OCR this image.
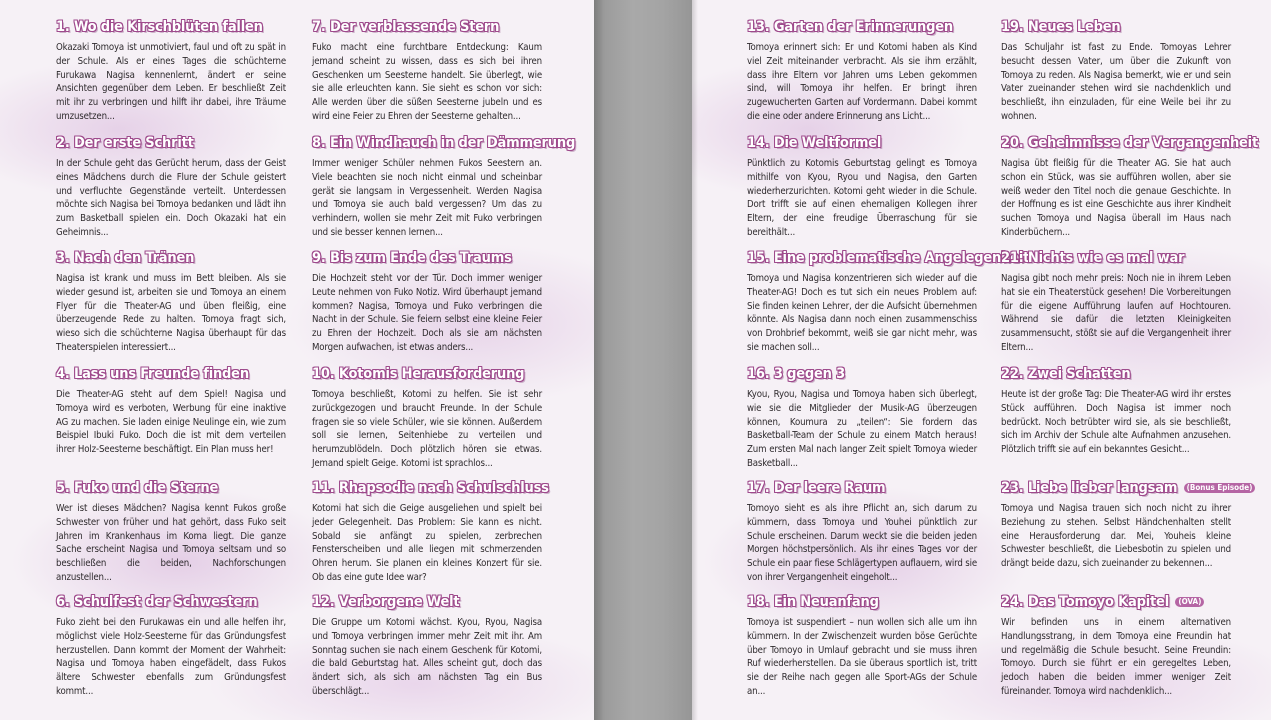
1. Wo die Kirschblüten fallen

Okazaki Tomoya ist unmotiviert, faul und oft zu spät in der Schule. Als er eines Tages die schüchterne Furukawa Nagisa kennenlernt, ändert er seine Ansichten gegenüber dem Leben. Er beschließt Zeit mit ihr zu verbringen und hilft ihr dabei, ihre Träume umzusetzen...

2. Der erste Schritt

In der Schule geht das Gerücht herum, dass der Geist eines Mädchens durch die Flure der Schule geistert und verfluchte Gegenstände verteilt. Unterdessen möchte sich Nagisa bei Tomoya bedanken und lädt ihn zum Basketball spielen ein. Doch Okazaki hat ein Geheimnis...

3. Nach den Tränen

Nagisa ist krank und muss im Bett bleiben. Als sie wieder gesund ist, arbeiten sie und Tomoya an einem Flyer für die Theater-AG und üben fleißig, eine überzeugende Rede zu halten. Tomoya fragt sich, wieso sich die schüchterne Nagisa überhaupt für das Theaterspielen interessiert...

4. Lass uns Freunde finden

Die Theater-AG steht auf dem Spiel! Nagisa und Tomoya wird es verboten, Werbung für eine inaktive AG zu machen. Sie laden einige Neulinge ein, wie zum Beispiel Ibuki Fuko. Doch die ist mit dem verteilen ihrer Holz-Seesterne beschäftigt. Ein Plan muss her!

5. Fuko und die Sterne

Wer ist dieses Mädchen? Nagisa kennt Fukos große Schwester von früher und hat gehört, dass Fuko seit Jahren im Krankenhaus im Koma liegt. Die ganze Sache erscheint Nagisa und Tomoya seltsam und so beschließen die beiden, Nachforschungen anzustellen...

6. Schulfest der Schwestern

Fuko zieht bei den Furukawas ein und alle helfen ihr, möglichst viele Holz-Seesterne für das Gründungsfest herzustellen. Dann kommt der Moment der Wahrheit: Nagisa und Tomoya haben eingefädelt, dass Fukos ältere Schwester ebenfalls zum Gründungsfest kommt...

7. Der verblassende Stern

Fuko macht eine furchtbare Entdeckung: Kaum jemand scheint zu wissen, dass es sich bei ihren Geschenken um Seesterne handelt. Sie überlegt, wie sie alle erleuchten kann. Sie sieht es schon vor sich: Alle werden über die süßen Seesterne jubeln und es wird eine Feier zu Ehren der Seesterne gehalten...

8. Ein Windhauch in der Dämmerung

Immer weniger Schüler nehmen Fukos Seestern an. Viele beachten sie noch nicht einmal und scheinbar gerät sie langsam in Vergessenheit. Werden Nagisa und Tomoya sie auch bald vergessen? Um das zu verhindern, wollen sie mehr Zeit mit Fuko verbringen und sie besser kennen lernen...

9. Bis zum Ende des Traums

Die Hochzeit steht vor der Tür. Doch immer weniger Leute nehmen von Fuko Notiz. Wird überhaupt jemand kommen? Nagisa, Tomoya und Fuko verbringen die Nacht in der Schule. Sie feiern selbst eine kleine Feier zu Ehren der Hochzeit. Doch als sie am nächsten Morgen aufwachen, ist etwas anders...

10. Kotomis Herausforderung

Tomoya beschließt, Kotomi zu helfen. Sie ist sehr zurückgezogen und braucht Freunde. In der Schule fragen sie so viele Schüler, wie sie können. Außerdem soll sie lernen, Seitenhiebe zu verteilen und herumzublödeln. Doch plötzlich hören sie etwas. Jemand spielt Geige. Kotomi ist sprachlos...

11. Rhapsodie nach Schulschluss

Kotomi hat sich die Geige ausgeliehen und spielt bei jeder Gelegenheit. Das Problem: Sie kann es nicht. Sobald sie anfängt zu spielen, zerbrechen Fensterscheiben und alle liegen mit schmerzenden Ohren herum. Sie planen ein kleines Konzert für sie. Ob das eine gute Idee war?

12. Verborgene Welt

Die Gruppe um Kotomi wächst. Kyou, Ryou, Nagisa und Tomoya verbringen immer mehr Zeit mit ihr. Am Sonntag suchen sie nach einem Geschenk für Kotomi, die bald Geburtstag hat. Alles scheint gut, doch das ändert sich, als sich am nächsten Tag ein Bus überschlägt...

13. Garten der Erinnerungen

Tomoya erinnert sich: Er und Kotomi haben als Kind viel Zeit miteinander verbracht. Als sie ihm erzählt, dass ihre Eltern vor Jahren ums Leben gekommen sind, will Tomoya ihr helfen. Er bringt ihren zugewucherten Garten auf Vordermann. Dabei kommt die eine oder andere Erinnerung ans Licht...

14. Die Weltformel

Pünktlich zu Kotomis Geburtstag gelingt es Tomoya mithilfe von Kyou, Ryou und Nagisa, den Garten wiederherzurichten. Kotomi geht wieder in die Schule. Dort trifft sie auf einen ehemaligen Kollegen ihrer Eltern, der eine freudige Überraschung für sie bereithält...

15. Eine problematische Angelegenheit

Tomoya und Nagisa konzentrieren sich wieder auf die Theater-AG! Doch es tut sich ein neues Problem auf: Sie finden keinen Lehrer, der die Aufsicht übernehmen könnte. Als Nagisa dann noch einen zusammenschiss von Drohbrief bekommt, weiß sie gar nicht mehr, was sie machen soll...

16. 3 gegen 3

Kyou, Ryou, Nagisa und Tomoya haben sich überlegt, wie sie die Mitglieder der Musik-AG überzeugen können, Koumura zu „teilen“: Sie fordern das Basketball-Team der Schule zu einem Match heraus! Zum ersten Mal nach langer Zeit spielt Tomoya wieder Basketball...

17. Der leere Raum

Tomoyo sieht es als ihre Pflicht an, sich darum zu kümmern, dass Tomoya und Youhei pünktlich zur Schule erscheinen. Darum weckt sie die beiden jeden Morgen höchstpersönlich. Als ihr eines Tages vor der Schule ein paar fiese Schlägertypen auflauern, wird sie von ihrer Vergangenheit eingeholt...

18. Ein Neuanfang

Tomoya ist suspendiert – nun wollen sich alle um ihn kümmern. In der Zwischenzeit wurden böse Gerüchte über Tomoyo in Umlauf gebracht und sie muss ihren Ruf wiederherstellen. Da sie überaus sportlich ist, tritt sie der Reihe nach gegen alle Sport-AGs der Schule an...

19. Neues Leben

Das Schuljahr ist fast zu Ende. Tomoyas Lehrer besucht dessen Vater, um über die Zukunft von Tomoya zu reden. Als Nagisa bemerkt, wie er und sein Vater zueinander stehen wird sie nachdenklich und beschließt, ihn einzuladen, für eine Weile bei ihr zu wohnen.

20. Geheimnisse der Vergangenheit

Nagisa übt fleißig für die Theater AG. Sie hat auch schon ein Stück, was sie aufführen wollen, aber sie weiß weder den Titel noch die genaue Geschichte. In der Hoffnung es ist eine Geschichte aus ihrer Kindheit suchen Tomoya und Nagisa überall im Haus nach Kinderbüchern...

21. Nichts wie es mal war

Nagisa gibt noch mehr preis: Noch nie in ihrem Leben hat sie ein Theaterstück gesehen! Die Vorbereitungen für die eigene Aufführung laufen auf Hochtouren. Während sie dafür die letzten Kleinigkeiten zusammensucht, stößt sie auf die Vergangenheit ihrer Eltern...

22. Zwei Schatten

Heute ist der große Tag: Die Theater-AG wird ihr erstes Stück aufführen. Doch Nagisa ist immer noch bedrückt. Noch betrübter wird sie, als sie beschließt, sich im Archiv der Schule alte Aufnahmen anzusehen. Plötzlich trifft sie auf ein bekanntes Gesicht...

23. Liebe lieber langsam (Bonus Episode)

Tomoya und Nagisa trauen sich noch nicht zu ihrer Beziehung zu stehen. Selbst Händchenhalten stellt eine Herausforderung dar. Mei, Youheis kleine Schwester beschließt, die Liebesbotin zu spielen und drängt beide dazu, sich zueinander zu bekennen...

24. Das Tomoyo Kapitel (OVA)

Wir befinden uns in einem alternativen Handlungsstrang, in dem Tomoya eine Freundin hat und regelmäßig die Schule besucht. Seine Freundin: Tomoyo. Durch sie führt er ein geregeltes Leben, jedoch haben die beiden immer weniger Zeit füreinander. Tomoya wird nachdenklich...
